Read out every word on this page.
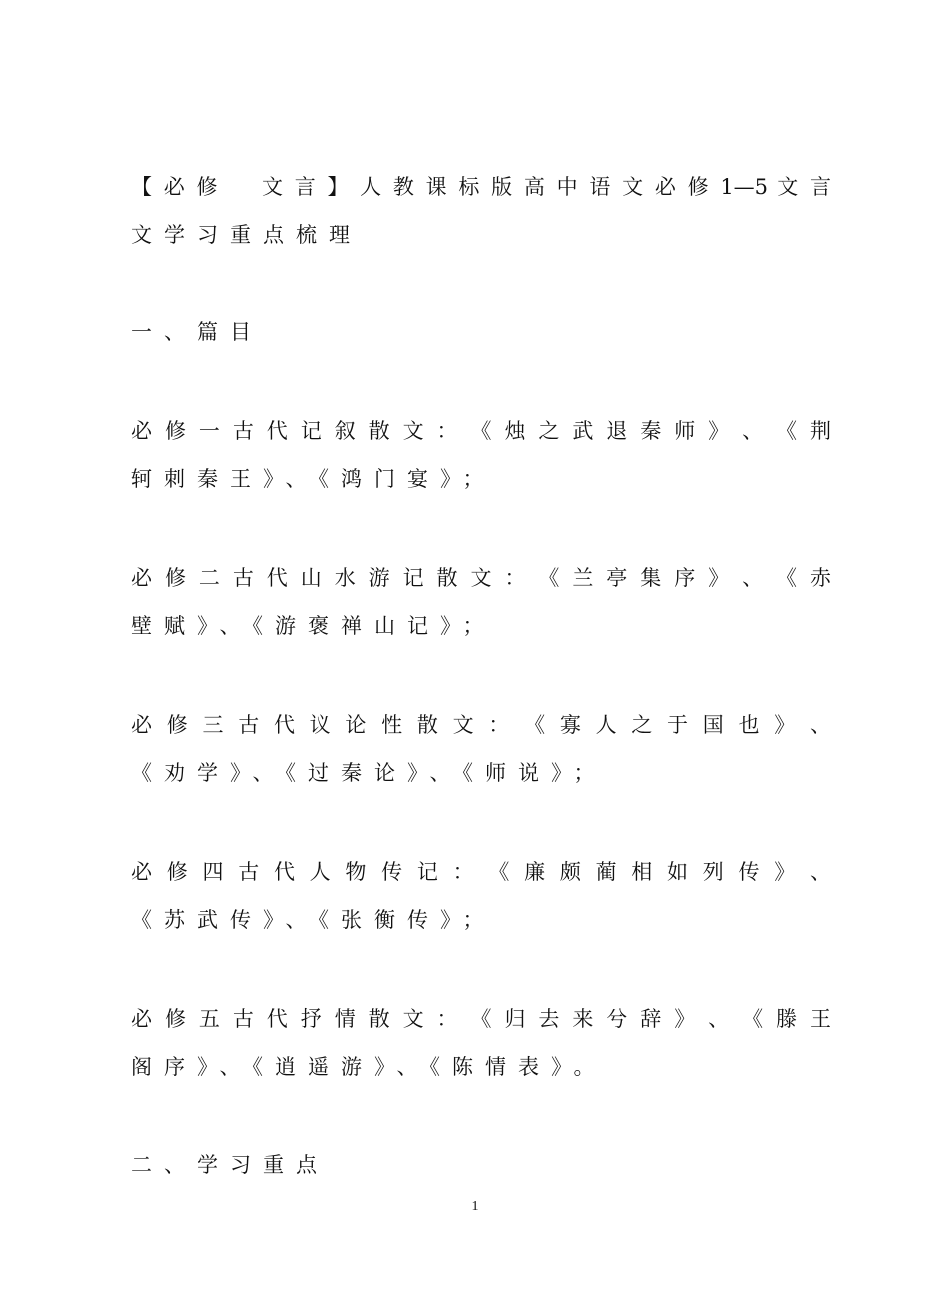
【 必 修 　 文 言 】 人 教 课 标 版 高 中 语 文 必 修 1—5 文 言
文学习重点梳理
一、篇目
必 修 一 古 代 记 叙 散 文 ： 《 烛 之 武 退 秦 师 》 、 《 荆
轲刺秦王》、《鸿门宴》；
必 修 二 古 代 山 水 游 记 散 文 ： 《 兰 亭 集 序 》 、 《 赤
壁赋》、《游褒禅山记》；
必 修 三 古 代 议 论 性 散 文 ： 《 寡 人 之 于 国 也 》 、
《劝学》、《过秦论》、《师说》；
必 修 四 古 代 人 物 传 记 ： 《 廉 颇 蔺 相 如 列 传 》 、
《苏武传》、《张衡传》；
必 修 五 古 代 抒 情 散 文 ： 《 归 去 来 兮 辞 》 、 《 滕 王
阁序》、《逍遥游》、《陈情表》。
二、学习重点
1
